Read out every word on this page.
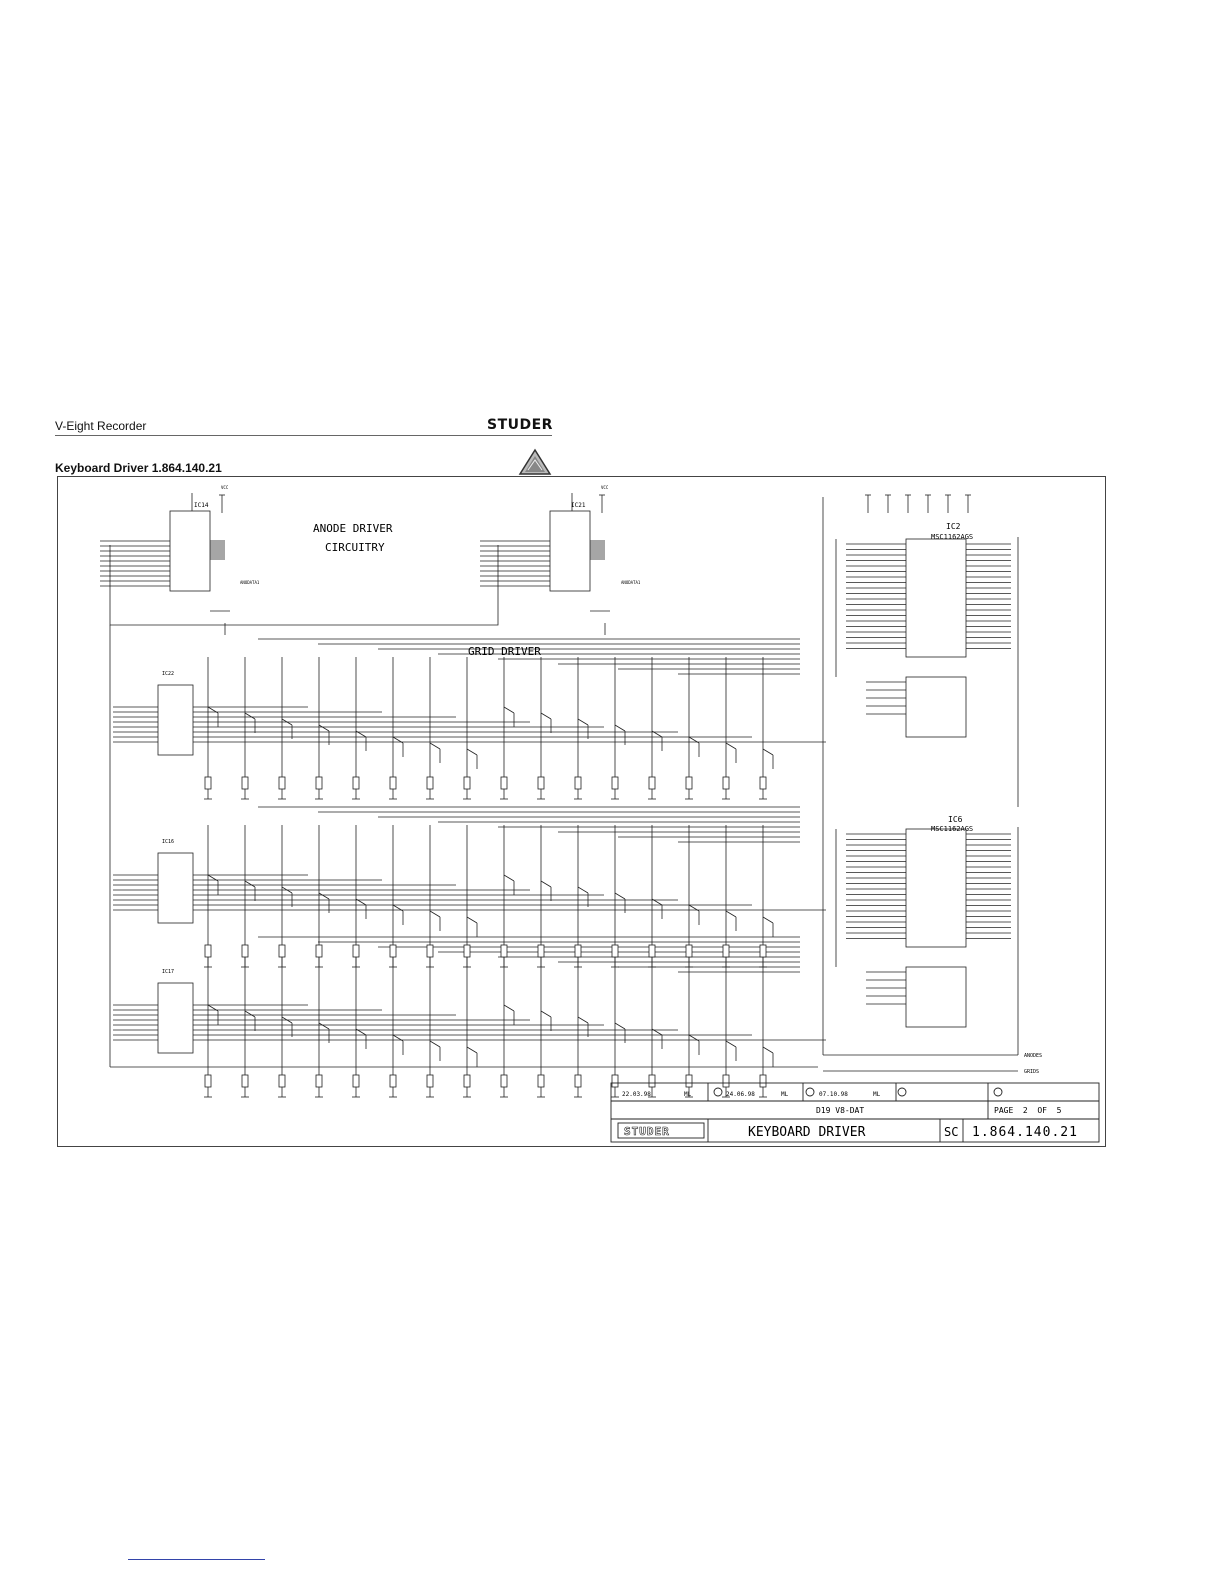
V-Eight Recorder	STUDER
Keyboard Driver 1.864.140.21
ANODE DRIVER
CIRCUITRY
GRID DRIVER
IC14	IC21
IC2
MSC1162AGS
IC6
MSC1162AGS
IC22
IC16
IC17
ANODATA1	ANODATA1
VCC	VCC
ANODES
GRIDS
22.03.98	ML	24.06.98	ML	07.10.98	ML
D19 V8-DAT	PAGE  2  OF  5
STUDER	KEYBOARD DRIVER	SC 1.864.140.21
